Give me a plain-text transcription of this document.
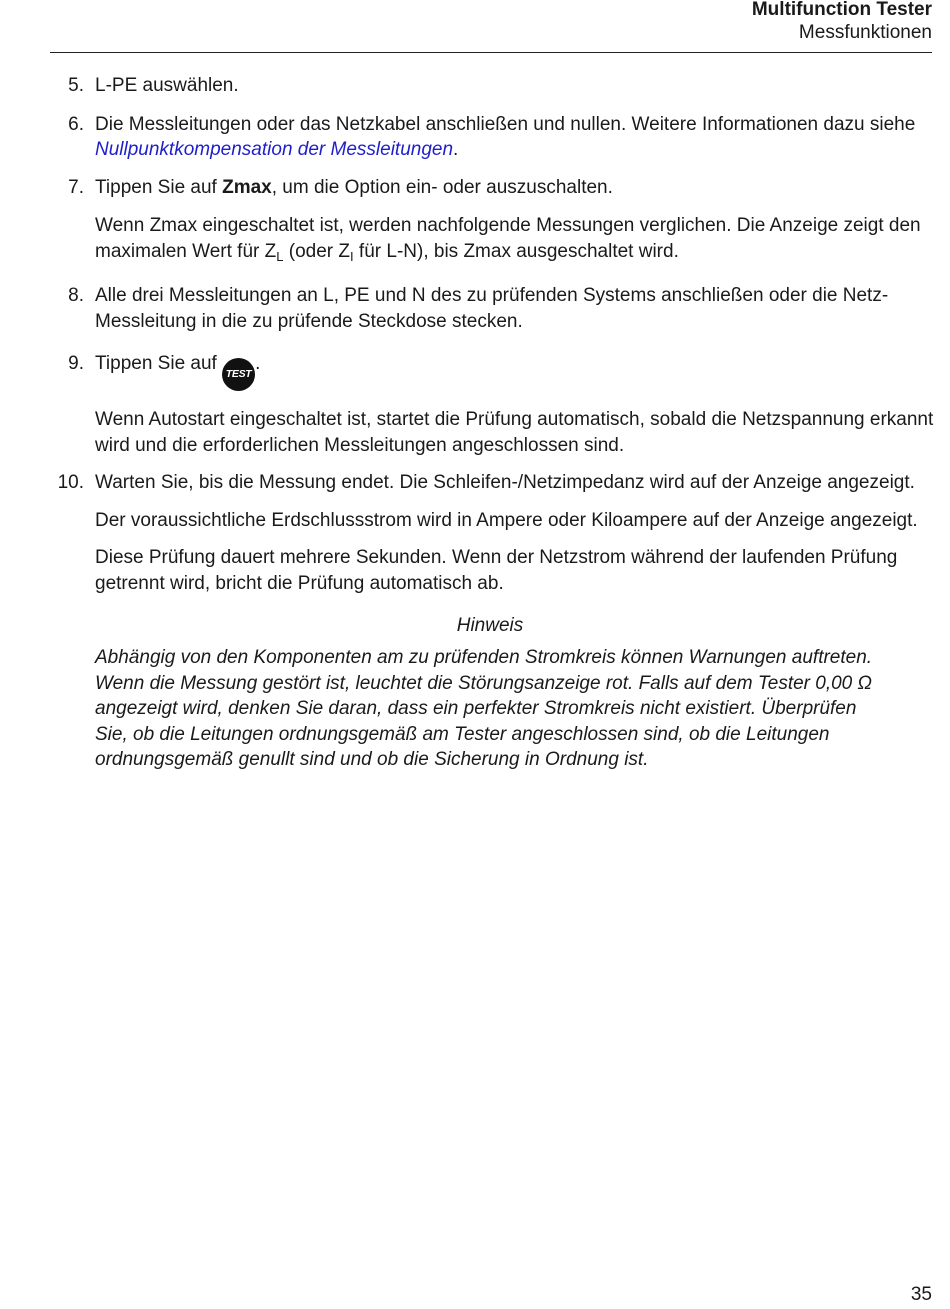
Multifunction Tester
Messfunktionen
5. L-PE auswählen.
6. Die Messleitungen oder das Netzkabel anschließen und nullen. Weitere Informationen dazu siehe Nullpunktkompensation der Messleitungen.
7. Tippen Sie auf Zmax, um die Option ein- oder auszuschalten.
Wenn Zmax eingeschaltet ist, werden nachfolgende Messungen verglichen. Die Anzeige zeigt den maximalen Wert für $Z_L$ (oder $Z_I$ für L-N), bis Zmax ausgeschaltet wird.
8. Alle drei Messleitungen an L, PE und N des zu prüfenden Systems anschließen oder die Netz-Messleitung in die zu prüfende Steckdose stecken.
9. Tippen Sie auf TEST .
Wenn Autostart eingeschaltet ist, startet die Prüfung automatisch, sobald die Netzspannung erkannt wird und die erforderlichen Messleitungen angeschlossen sind.
10. Warten Sie, bis die Messung endet. Die Schleifen-/Netzimpedanz wird auf der Anzeige angezeigt.
Der voraussichtliche Erdschlussstrom wird in Ampere oder Kiloampere auf der Anzeige angezeigt.
Diese Prüfung dauert mehrere Sekunden. Wenn der Netzstrom während der laufenden Prüfung getrennt wird, bricht die Prüfung automatisch ab.
Hinweis
Abhängig von den Komponenten am zu prüfenden Stromkreis können Warnungen auftreten. Wenn die Messung gestört ist, leuchtet die Störungsanzeige rot. Falls auf dem Tester 0,00 Ω angezeigt wird, denken Sie daran, dass ein perfekter Stromkreis nicht existiert. Überprüfen Sie, ob die Leitungen ordnungsgemäß am Tester angeschlossen sind, ob die Leitungen ordnungsgemäß genullt sind und ob die Sicherung in Ordnung ist.
35
